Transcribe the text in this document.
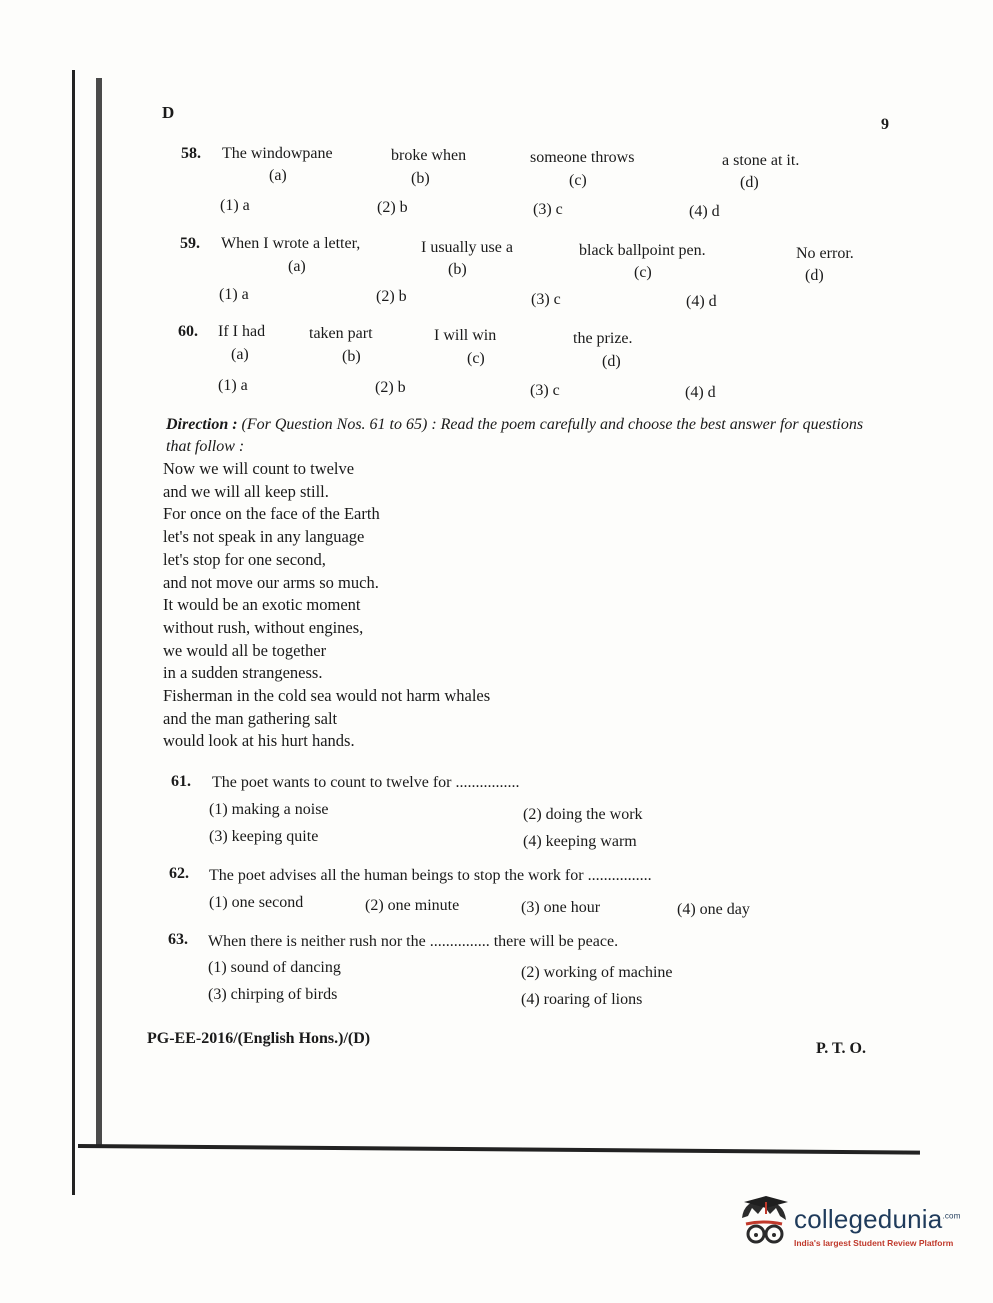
D
9
58. The windowpane	broke when	someone throws	a stone at it.
(a)	(b)	(c)	(d)
(1) a	(2) b	(3) c	(4) d
59. When I wrote a letter,	I usually use a	black ballpoint pen.	No error.
(a)	(b)	(c)	(d)
(1) a	(2) b	(3) c	(4) d
60. If I had	taken part	I will win	the prize.
(a)	(b)	(c)	(d)
(1) a	(2) b	(3) c	(4) d
Direction : (For Question Nos. 61 to 65) : Read the poem carefully and choose the best answer for questions that follow :
Now we will count to twelve
and we will all keep still.
For once on the face of the Earth
let's not speak in any language
let's stop for one second,
and not move our arms so much.
It would be an exotic moment
without rush, without engines,
we would all be together
in a sudden strangeness.
Fisherman in the cold sea would not harm whales
and the man gathering salt
would look at his hurt hands.
61. The poet wants to count to twelve for ................
(1) making a noise	(2) doing the work
(3) keeping quite	(4) keeping warm
62. The poet advises all the human beings to stop the work for ................
(1) one second	(2) one minute	(3) one hour	(4) one day
63. When there is neither rush nor the ............... there will be peace.
(1) sound of dancing	(2) working of machine
(3) chirping of birds	(4) roaring of lions
PG-EE-2016/(English Hons.)/(D)
P. T. O.
collegedunia$^{.com}$
India's largest Student Review Platform
